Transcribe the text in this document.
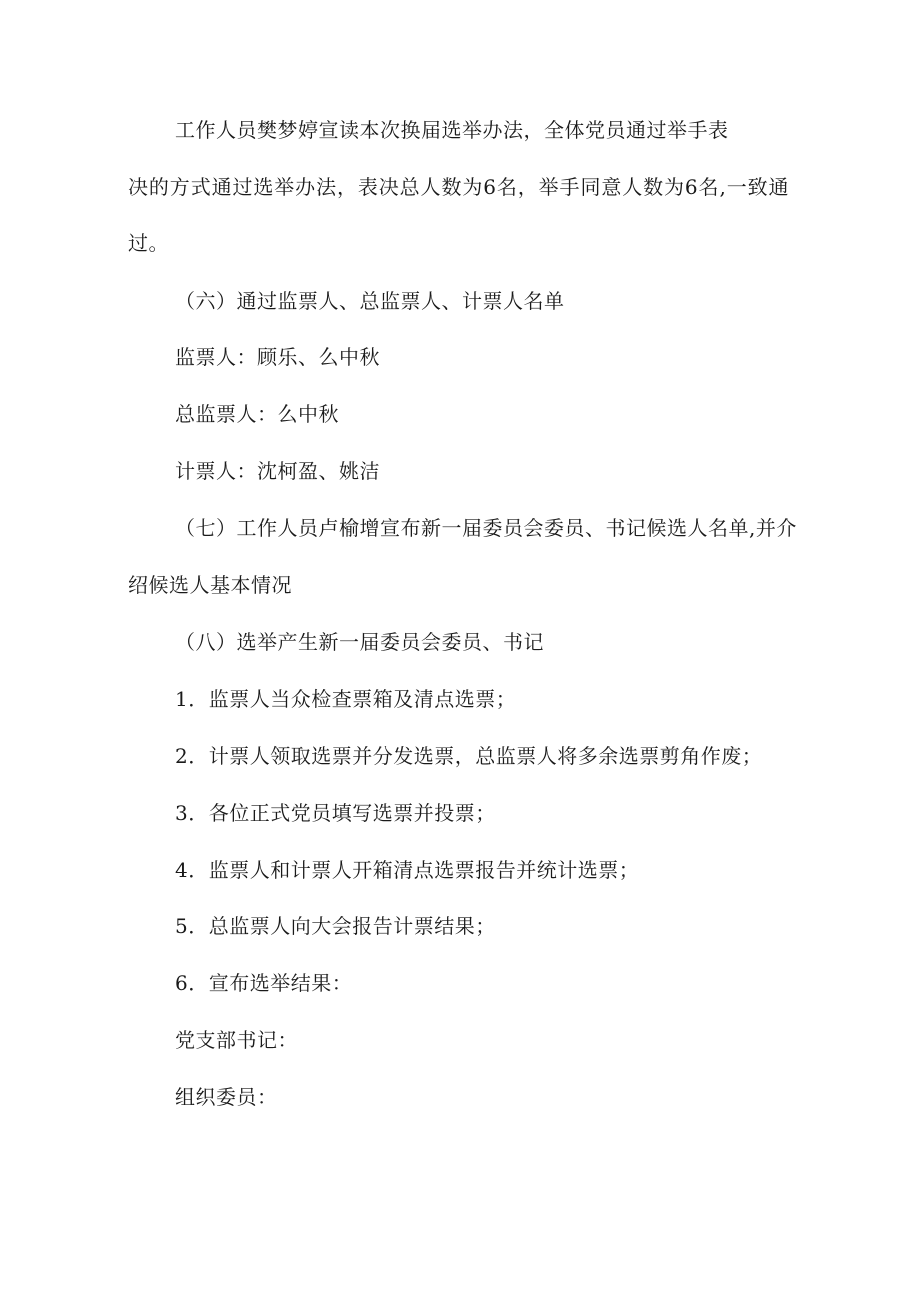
工作人员樊梦婷宣读本次换届选举办法，全体党员通过举手表
决的方式通过选举办法，表决总人数为6名，举手同意人数为6名,一致通
过。
（六）通过监票人、总监票人、计票人名单
监票人：顾乐、么中秋
总监票人：么中秋
计票人：沈柯盈、姚洁
（七）工作人员卢榆增宣布新一届委员会委员、书记候选人名单,并介
绍候选人基本情况
（八）选举产生新一届委员会委员、书记
1．监票人当众检查票箱及清点选票；
2．计票人领取选票并分发选票，总监票人将多余选票剪角作废；
3．各位正式党员填写选票并投票；
4．监票人和计票人开箱清点选票报告并统计选票；
5．总监票人向大会报告计票结果；
6．宣布选举结果：
党支部书记：
组织委员：
